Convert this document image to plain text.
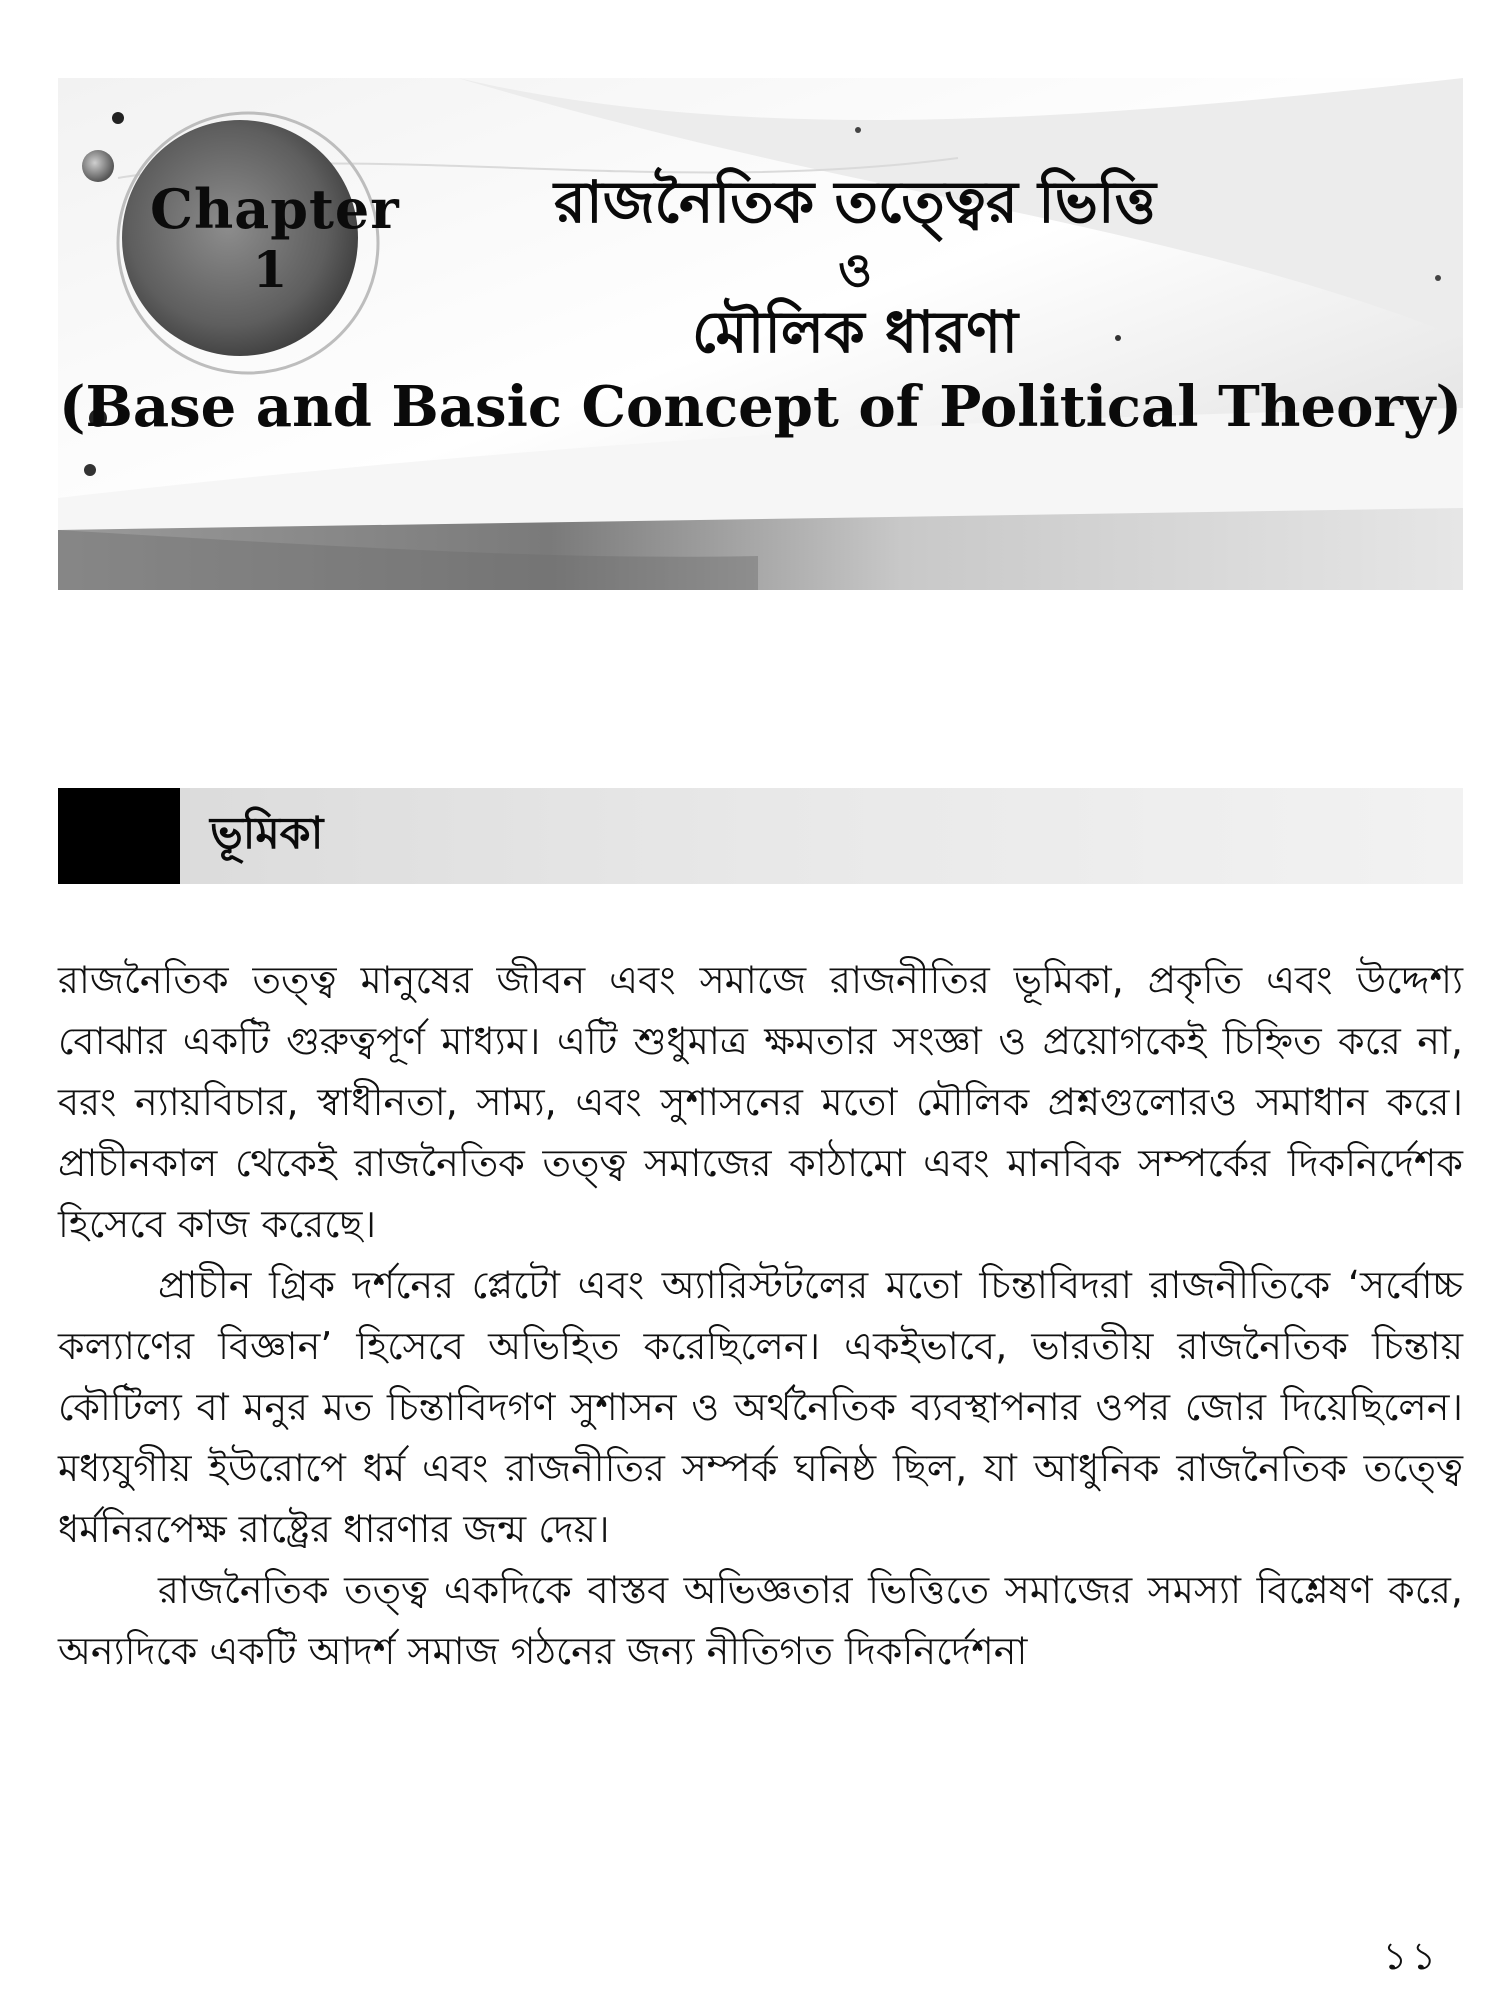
Chapter
1
রাজনৈতিক তত্ত্বের ভিত্তি
ও
মৌলিক ধারণা
(Base and Basic Concept of Political Theory)
ভূমিকা

রাজনৈতিক তত্ত্ব মানুষের জীবন এবং সমাজে রাজনীতির ভূমিকা, প্রকৃতি এবং উদ্দেশ্য বোঝার একটি গুরুত্বপূর্ণ মাধ্যম। এটি শুধুমাত্র ক্ষমতার সংজ্ঞা ও প্রয়োগকেই চিহ্নিত করে না, বরং ন্যায়বিচার, স্বাধীনতা, সাম্য, এবং সুশাসনের মতো মৌলিক প্রশ্নগুলোরও সমাধান করে। প্রাচীনকাল থেকেই রাজনৈতিক তত্ত্ব সমাজের কাঠামো এবং মানবিক সম্পর্কের দিকনির্দেশক হিসেবে কাজ করেছে।

প্রাচীন গ্রিক দর্শনের প্লেটো এবং অ্যারিস্টটলের মতো চিন্তাবিদরা রাজনীতিকে ‘সর্বোচ্চ কল্যাণের বিজ্ঞান’ হিসেবে অভিহিত করেছিলেন। একইভাবে, ভারতীয় রাজনৈতিক চিন্তায় কৌটিল্য বা মনুর মত চিন্তাবিদগণ সুশাসন ও অর্থনৈতিক ব্যবস্থাপনার ওপর জোর দিয়েছিলেন। মধ্যযুগীয় ইউরোপে ধর্ম এবং রাজনীতির সম্পর্ক ঘনিষ্ঠ ছিল, যা আধুনিক রাজনৈতিক তত্ত্বে ধর্মনিরপেক্ষ রাষ্ট্রের ধারণার জন্ম দেয়।

রাজনৈতিক তত্ত্ব একদিকে বাস্তব অভিজ্ঞতার ভিত্তিতে সমাজের সমস্যা বিশ্লেষণ করে, অন্যদিকে একটি আদর্শ সমাজ গঠনের জন্য নীতিগত দিকনির্দেশনা

১১
